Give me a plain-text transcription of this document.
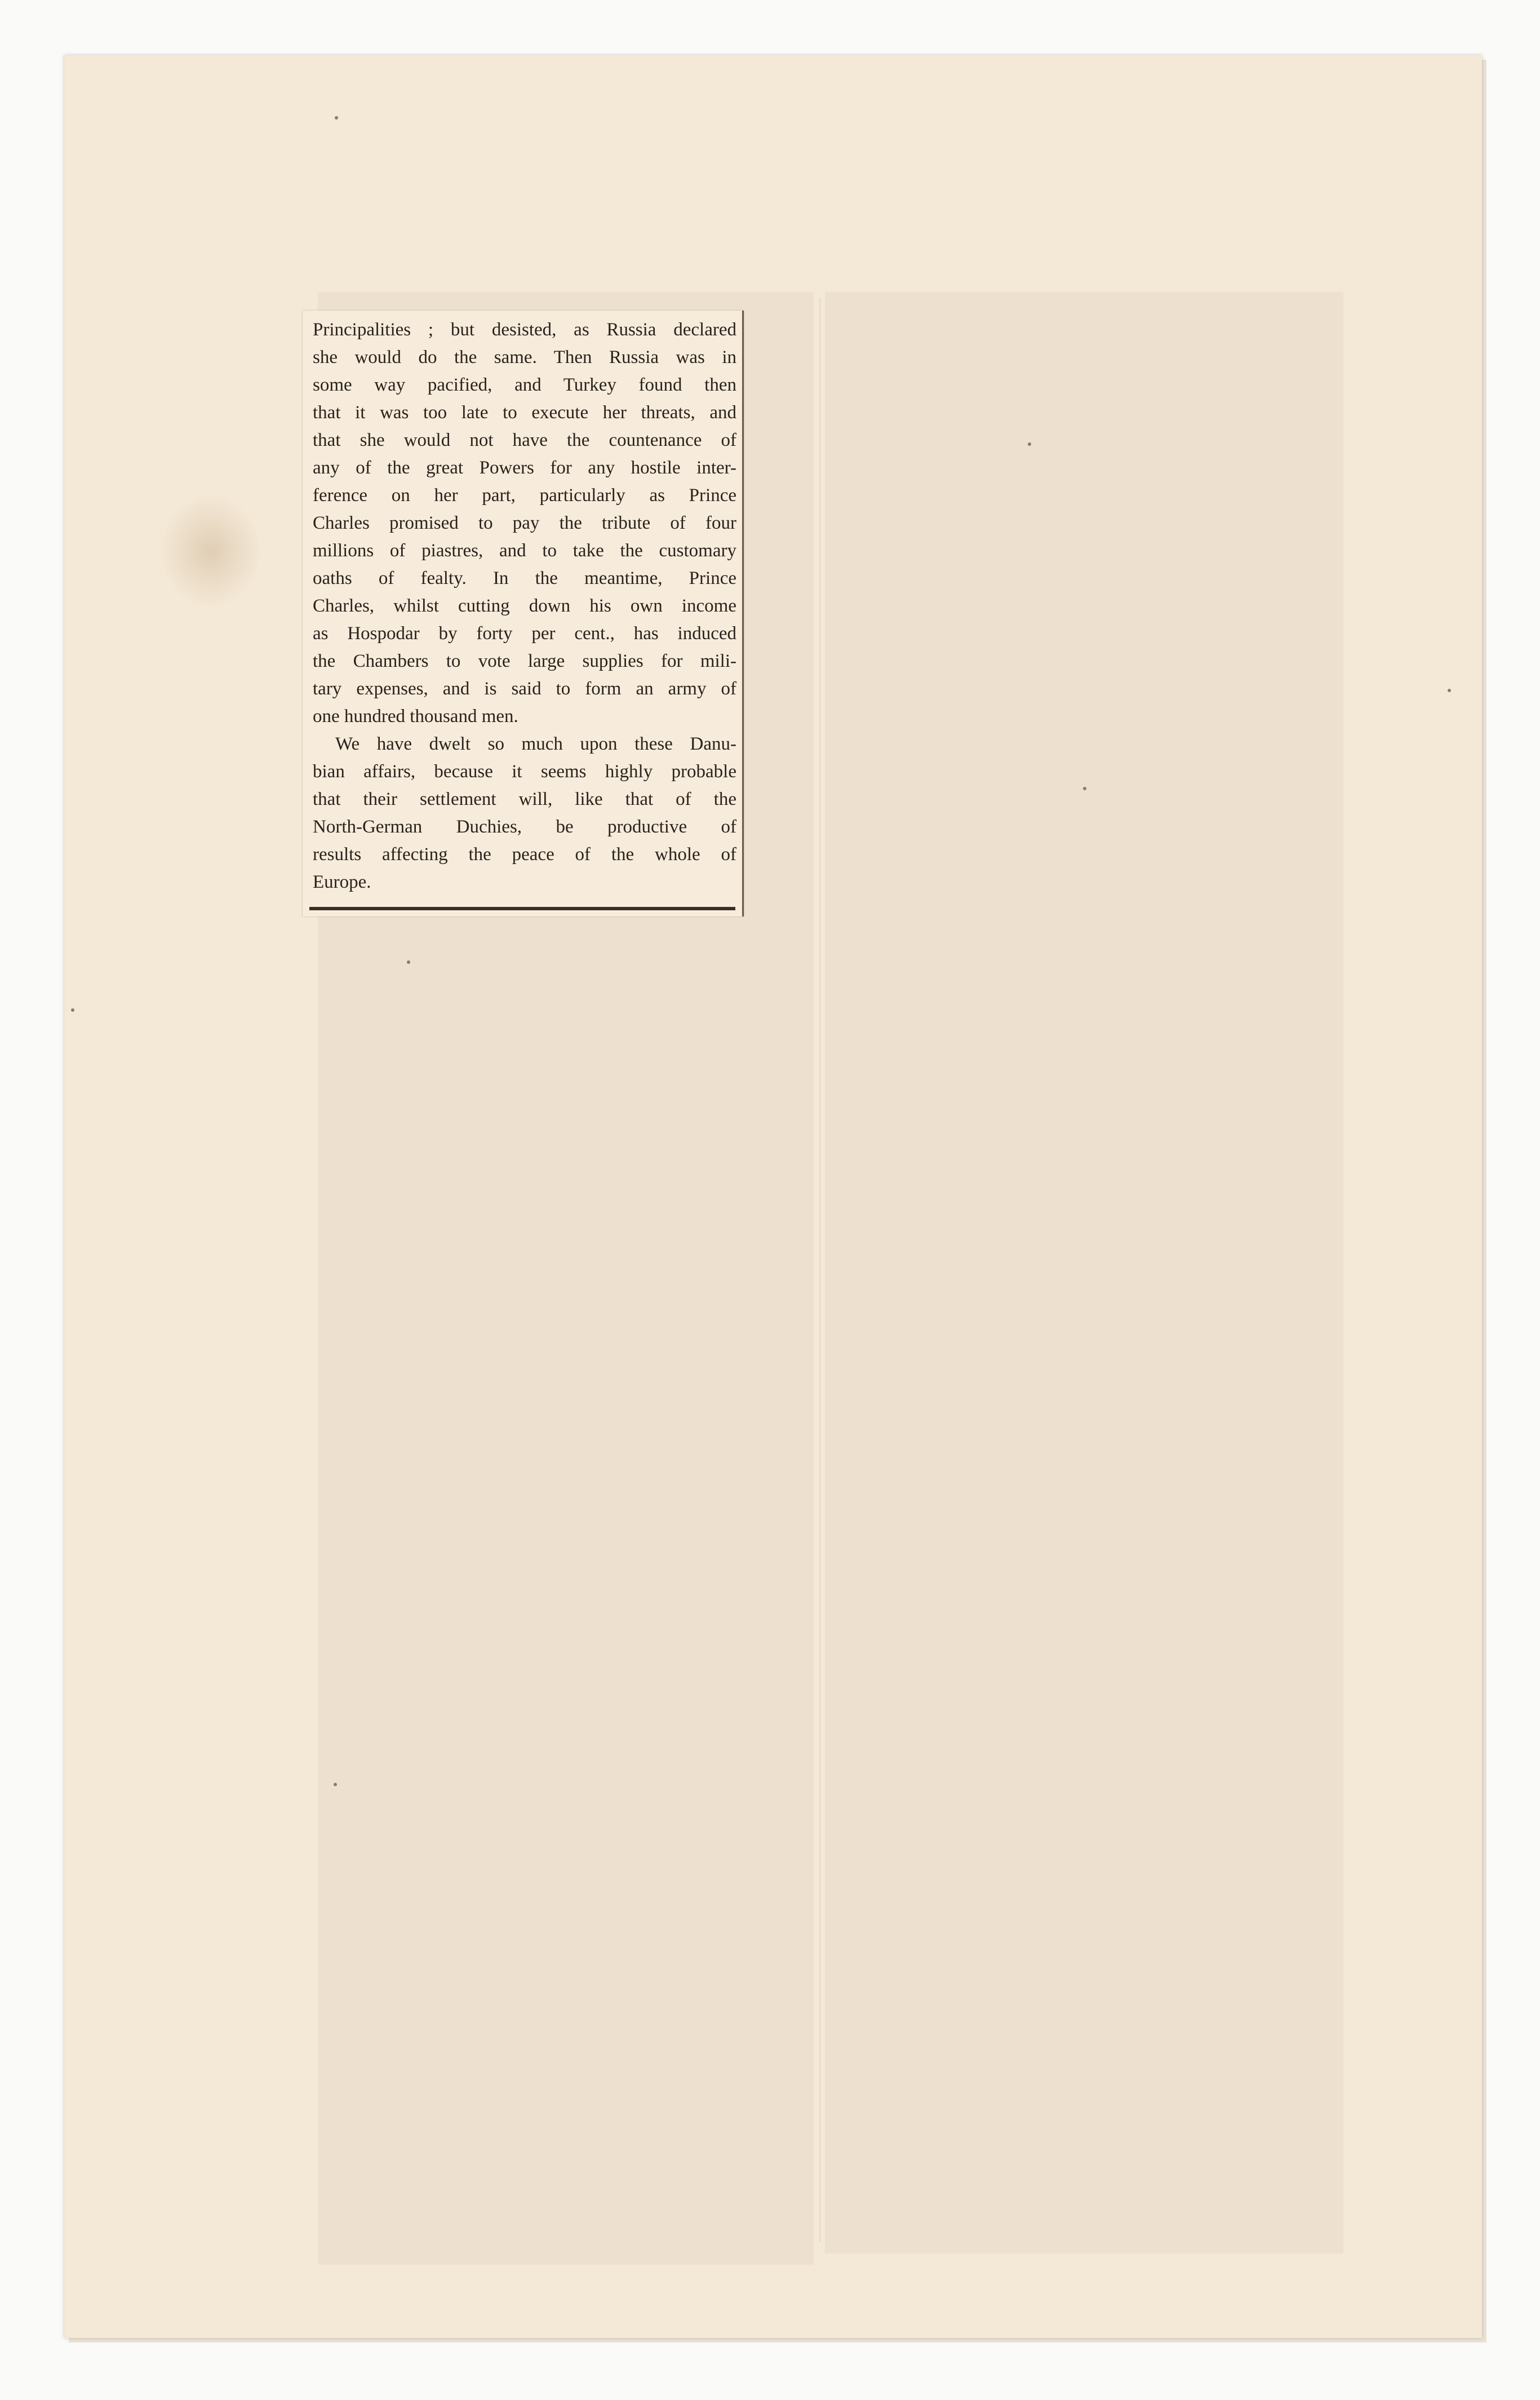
Principalities ; but desisted, as Russia declared
she would do the same. Then Russia was in
some way pacified, and Turkey found then
that it was too late to execute her threats, and
that she would not have the countenance of
any of the great Powers for any hostile inter-
ference on her part, particularly as Prince
Charles promised to pay the tribute of four
millions of piastres, and to take the customary
oaths of fealty. In the meantime, Prince
Charles, whilst cutting down his own income
as Hospodar by forty per cent., has induced
the Chambers to vote large supplies for mili-
tary expenses, and is said to form an army of
one hundred thousand men.
We have dwelt so much upon these Danu-
bian affairs, because it seems highly probable
that their settlement will, like that of the
North-German Duchies, be productive of
results affecting the peace of the whole of
Europe.
